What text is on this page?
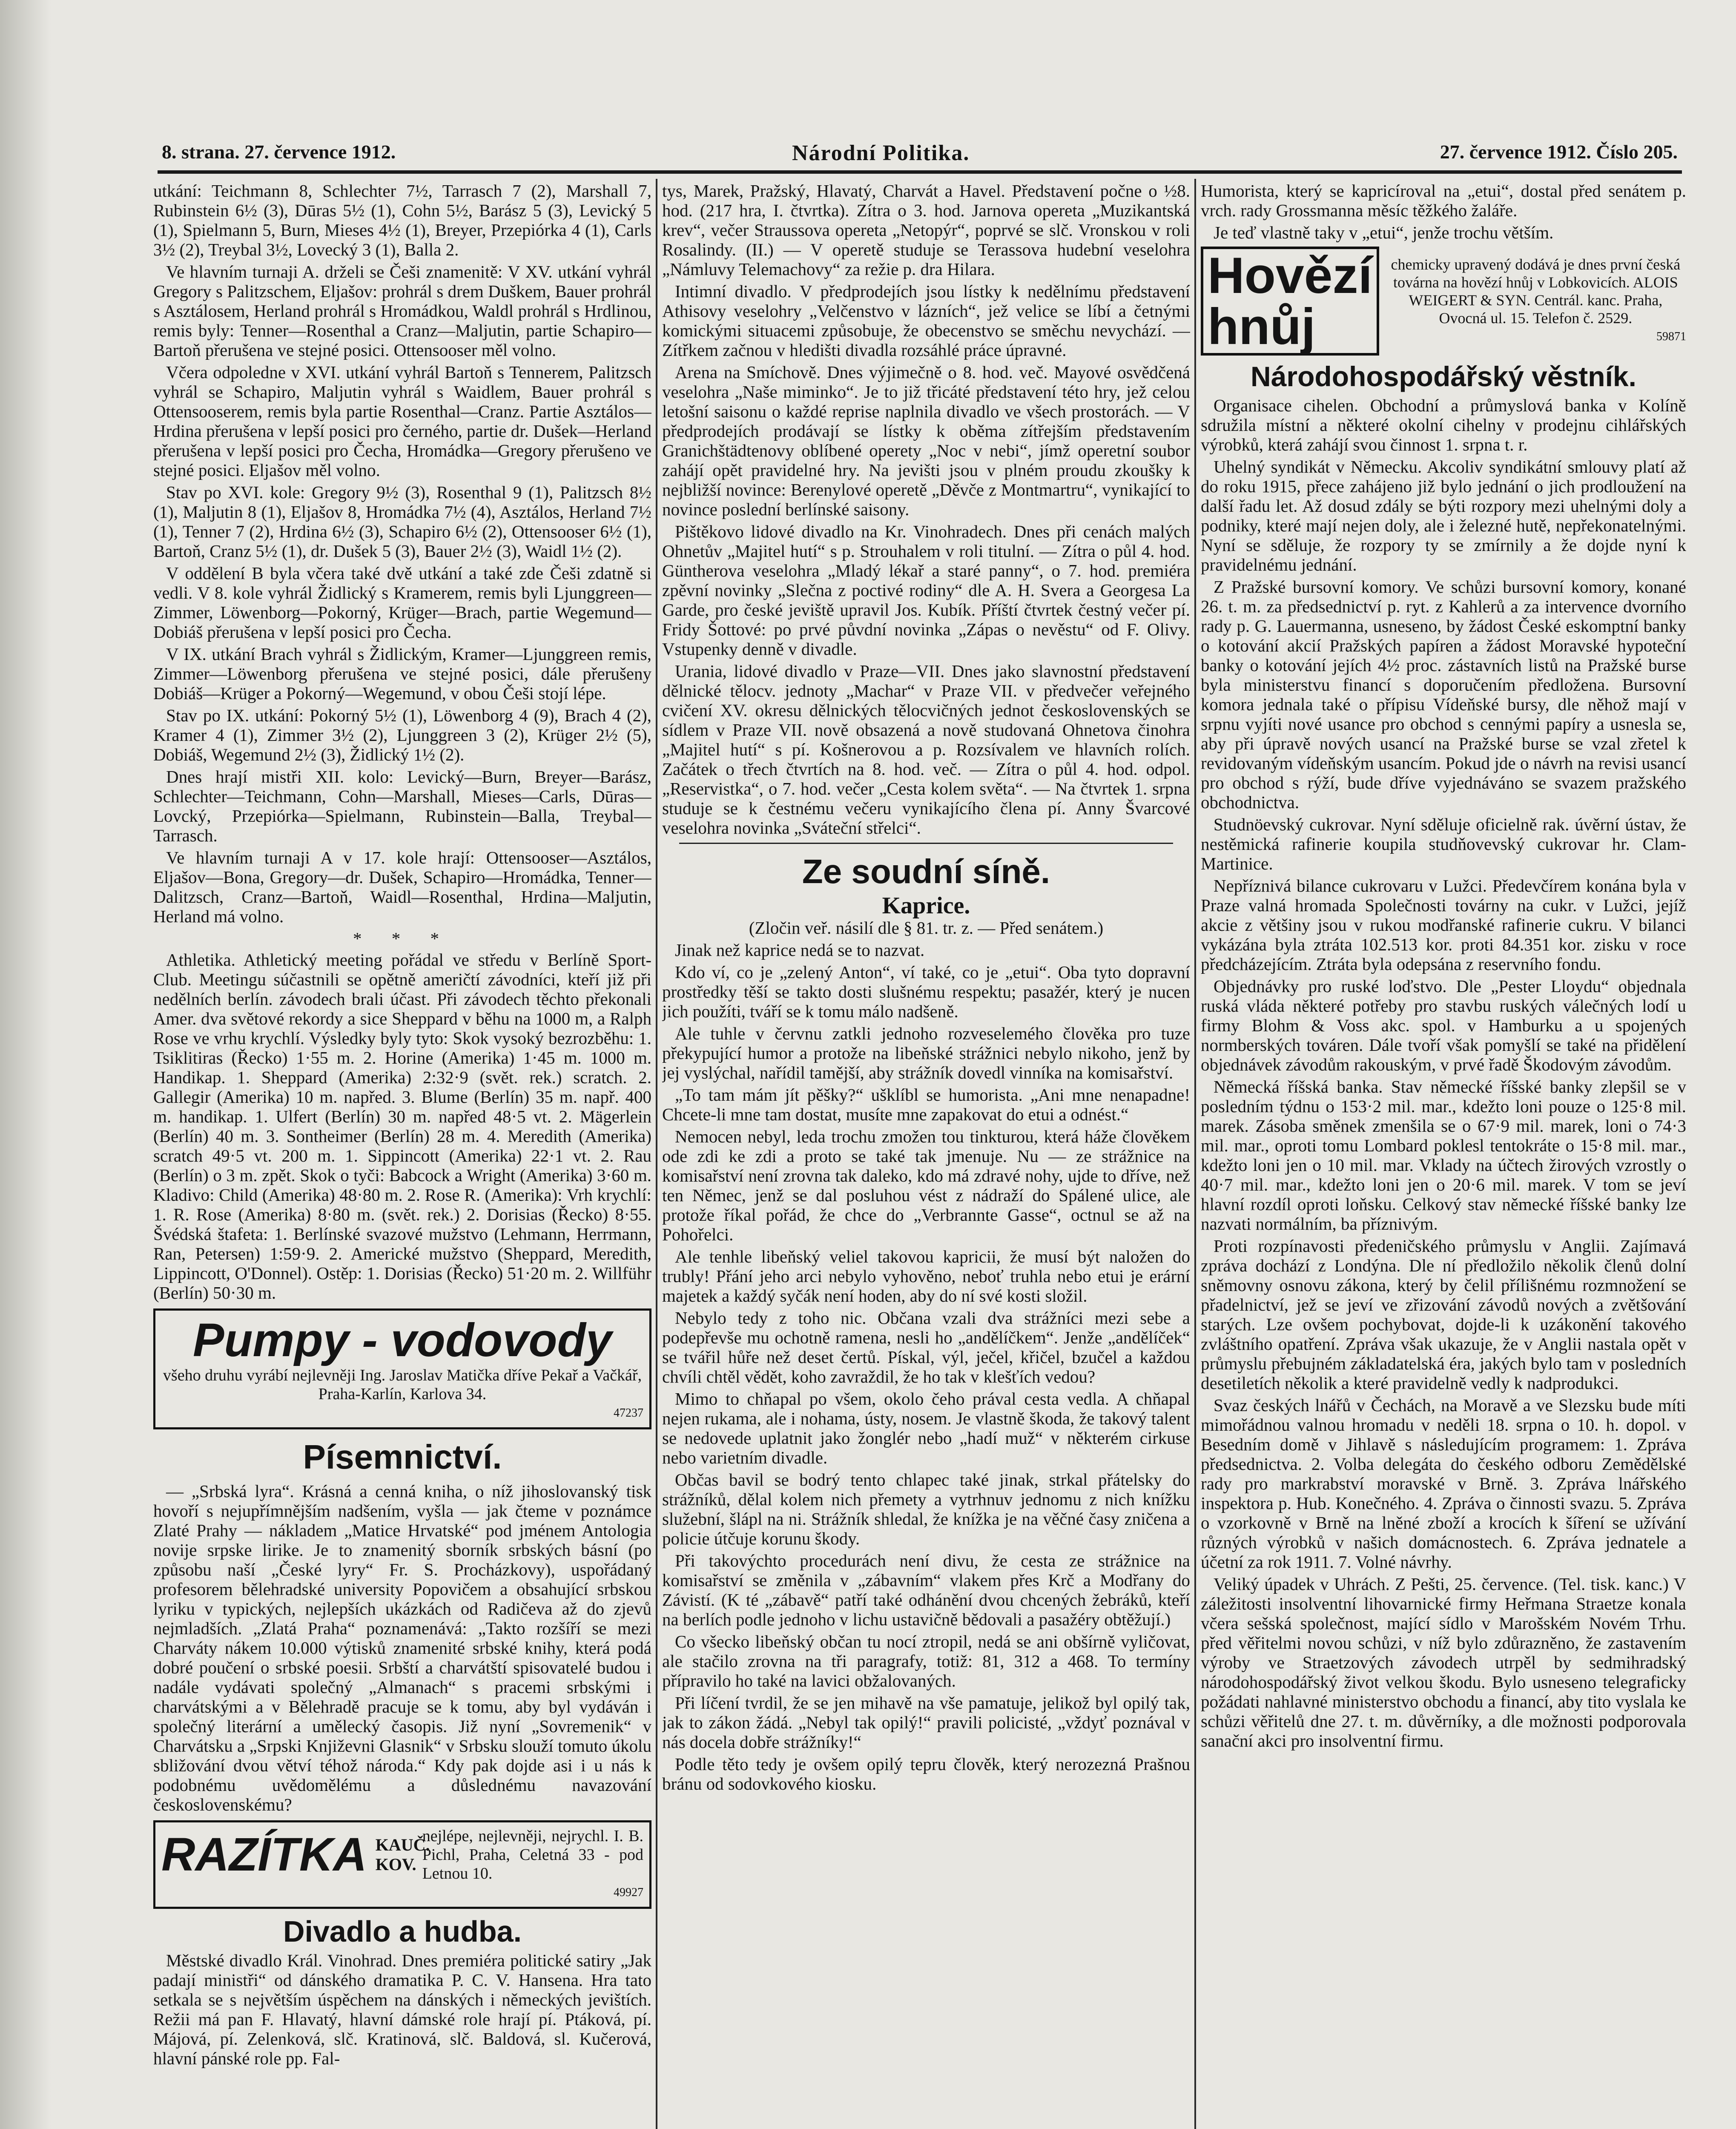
8. strana. 27. července 1912.	Národní Politika.	27. července 1912. Číslo 205.

utkání: Teichmann 8, Schlechter 7½, Tarrasch 7 (2), Marshall 7, Rubinstein 6½ (3), Dūras 5½ (1), Cohn 5½, Barász 5 (3), Levický 5 (1), Spielmann 5, Burn, Mieses 4½ (1), Breyer, Przepiórka 4 (1), Carls 3½ (2), Treybal 3½, Lovecký 3 (1), Balla 2.

Ve hlavním turnaji A. drželi se Češi znamenitě: V XV. utkání vyhrál Gregory s Palitzschem, Eljašov: prohrál s drem Duškem, Bauer prohrál s Asztálosem, Herland prohrál s Hromádkou, Waldl prohrál s Hrdlinou, remis byly: Tenner—Rosenthal a Cranz—Maljutin, partie Schapiro—Bartoň přerušena ve stejné posici. Ottensooser měl volno.

Včera odpoledne v XVI. utkání vyhrál Bartoň s Tennerem, Palitzsch vyhrál se Schapiro, Maljutin vyhrál s Waidlem, Bauer prohrál s Ottensooserem, remis byla partie Rosenthal—Cranz. Partie Asztálos—Hrdina přerušena v lepší posici pro černého, partie dr. Dušek—Herland přerušena v lepší posici pro Čecha, Hromádka—Gregory přerušeno ve stejné posici. Eljašov měl volno.

Stav po XVI. kole: Gregory 9½ (3), Rosenthal 9 (1), Palitzsch 8½ (1), Maljutin 8 (1), Eljašov 8, Hromádka 7½ (4), Asztálos, Herland 7½ (1), Tenner 7 (2), Hrdina 6½ (3), Schapiro 6½ (2), Ottensooser 6½ (1), Bartoň, Cranz 5½ (1), dr. Dušek 5 (3), Bauer 2½ (3), Waidl 1½ (2).

V oddělení B byla včera také dvě utkání a také zde Češi zdatně si vedli. V 8. kole vyhrál Židlický s Kramerem, remis byli Ljunggreen—Zimmer, Löwenborg—Pokorný, Krüger—Brach, partie Wegemund—Dobiáš přerušena v lepší posici pro Čecha.

V IX. utkání Brach vyhrál s Židlickým, Kramer—Ljunggreen remis, Zimmer—Löwenborg přerušena ve stejné posici, dále přerušeny Dobiáš—Krüger a Pokorný—Wegemund, v obou Češi stojí lépe.

Stav po IX. utkání: Pokorný 5½ (1), Löwenborg 4 (9), Brach 4 (2), Kramer 4 (1), Zimmer 3½ (2), Ljunggreen 3 (2), Krüger 2½ (5), Dobiáš, Wegemund 2½ (3), Židlický 1½ (2).

Dnes hrají mistři XII. kolo: Levický—Burn, Breyer—Barász, Schlechter—Teichmann, Cohn—Marshall, Mieses—Carls, Dūras—Lovcký, Przepiórka—Spielmann, Rubinstein—Balla, Treybal—Tarrasch.

Ve hlavním turnaji A v 17. kole hrají: Ottensooser—Asztálos, Eljašov—Bona, Gregory—dr. Dušek, Schapiro—Hromádka, Tenner—Dalitzsch, Cranz—Bartoň, Waidl—Rosenthal, Hrdina—Maljutin, Herland má volno.

* * *

Athletika. Athletický meeting pořádal ve středu v Berlíně Sport-Club. Meetingu súčastnili se opětně američtí závodníci, kteří již při nedělních berlín. závodech brali účast. Při závodech těchto překonali Amer. dva světové rekordy a sice Sheppard v běhu na 1000 m, a Ralph Rose ve vrhu krychlí. Výsledky byly tyto: Skok vysoký bezrozběhu: 1. Tsiklitiras (Řecko) 1·55 m. 2. Horine (Amerika) 1·45 m. 1000 m. Handikap. 1. Sheppard (Amerika) 2:32·9 (svět. rek.) scratch. 2. Gallegir (Amerika) 10 m. napřed. 3. Blume (Berlín) 35 m. např. 400 m. handikap. 1. Ulfert (Berlín) 30 m. napřed 48·5 vt. 2. Mägerlein (Berlín) 40 m. 3. Sontheimer (Berlín) 28 m. 4. Meredith (Amerika) scratch 49·5 vt. 200 m. 1. Sippincott (Amerika) 22·1 vt. 2. Rau (Berlín) o 3 m. zpět. Skok o tyči: Babcock a Wright (Amerika) 3·60 m. Kladivo: Child (Amerika) 48·80 m. 2. Rose R. (Amerika): Vrh krychlí: 1. R. Rose (Amerika) 8·80 m. (svět. rek.) 2. Dorisias (Řecko) 8·55. Švédská štafeta: 1. Berlínské svazové mužstvo (Lehmann, Herrmann, Ran, Petersen) 1:59·9. 2. Americké mužstvo (Sheppard, Meredith, Lippincott, O'Donnel). Ostěp: 1. Dorisias (Řecko) 51·20 m. 2. Willführ (Berlín) 50·30 m.

Pumpy - vodovody
všeho druhu vyrábí nejlevněji Ing. Jaroslav Matička dříve Pekař a Vačkář, Praha-Karlín, Karlova 34.
47237
Písemnictví.

— „Srbská lyra“. Krásná a cenná kniha, o níž jihoslovanský tisk hovoří s nejupřímnějším nadšením, vyšla — jak čteme v poznámce Zlaté Prahy — nákladem „Matice Hrvatské“ pod jménem Antologia novije srpske lirike. Je to znamenitý sborník srbských básní (po způsobu naší „České lyry“ Fr. S. Procházkovy), uspořádaný profesorem bělehradské university Popovičem a obsahující srbskou lyriku v typických, nejlepších ukázkách od Radičeva až do zjevů nejmladších. „Zlatá Praha“ poznamenává: „Takto rozšíří se mezi Charváty nákem 10.000 výtisků znamenité srbské knihy, která podá dobré poučení o srbské poesii. Srbští a charvátští spisovatelé budou i nadále vydávati společný „Almanach“ s pracemi srbskými i charvátskými a v Bělehradě pracuje se k tomu, aby byl vydáván i společný literární a umělecký časopis. Již nyní „Sovremenik“ v Charvátsku a „Srpski Književni Glasnik“ v Srbsku slouží tomuto úkolu sbližování dvou větví téhož národa.“ Kdy pak dojde asi i u nás k podobnému uvědomělému a důslednému navazování československému?

RAZÍTKA KAUČ. KOV.
nejlépe, nejlevněji, nejrychl. I. B. Pichl, Praha, Celetná 33 - pod Letnou 10.
49927
Divadlo a hudba.

Městské divadlo Král. Vinohrad. Dnes premiéra politické satiry „Jak padají ministři“ od dánského dramatika P. C. V. Hansena. Hra tato setkala se s největším úspěchem na dánských i německých jevištích. Režii má pan F. Hlavatý, hlavní dámské role hrají pí. Ptáková, pí. Májová, pí. Zelenková, slč. Kratinová, slč. Baldová, sl. Kučerová, hlavní pánské role pp. Fal-

tys, Marek, Pražský, Hlavatý, Charvát a Havel. Představení počne o ½8. hod. (217 hra, I. čtvrtka). Zítra o 3. hod. Jarnova opereta „Muzikantská krev“, večer Straussova opereta „Netopýr“, poprvé se slč. Vronskou v roli Rosalindy. (II.) — V operetě studuje se Terassova hudební veselohra „Námluvy Telemachovy“ za režie p. dra Hilara.

Intimní divadlo. V předprodejích jsou lístky k nedělnímu představení Athisovy veselohry „Velčenstvo v lázních“, jež velice se líbí a četnými komickými situacemi způsobuje, že obecenstvo se směchu nevychází. — Zítřkem začnou v hledišti divadla rozsáhlé práce úpravné.

Arena na Smíchově. Dnes výjimečně o 8. hod. več. Mayové osvědčená veselohra „Naše miminko“. Je to již třicáté představení této hry, jež celou letošní saisonu o každé reprise naplnila divadlo ve všech prostorách. — V předprodejích prodávají se lístky k oběma zítřejším představením Granichštädtenovy oblíbené operety „Noc v nebi“, jímž operetní soubor zahájí opět pravidelné hry. Na jevišti jsou v plném proudu zkoušky k nejbližší novince: Berenylové operetě „Děvče z Montmartru“, vynikající to novince poslední berlínské saisony.

Pištěkovo lidové divadlo na Kr. Vinohradech. Dnes při cenách malých Ohnetův „Majitel hutí“ s p. Strouhalem v roli titulní. — Zítra o půl 4. hod. Güntherova veselohra „Mladý lékař a staré panny“, o 7. hod. premiéra zpěvní novinky „Slečna z poctivé rodiny“ dle A. H. Svera a Georgesa La Garde, pro české jeviště upravil Jos. Kubík. Příští čtvrtek čestný večer pí. Fridy Šottové: po prvé půvdní novinka „Zápas o nevěstu“ od F. Olivy. Vstupenky denně v divadle.

Urania, lidové divadlo v Praze—VII. Dnes jako slavnostní představení dělnické tělocv. jednoty „Machar“ v Praze VII. v předvečer veřejného cvičení XV. okresu dělnických tělocvičných jednot československých se sídlem v Praze VII. nově obsazená a nově studovaná Ohnetova činohra „Majitel hutí“ s pí. Košnerovou a p. Rozsívalem ve hlavních rolích. Začátek o třech čtvrtích na 8. hod. več. — Zítra o půl 4. hod. odpol. „Reservistka“, o 7. hod. večer „Cesta kolem světa“. — Na čtvrtek 1. srpna studuje se k čestnému večeru vynikajícího člena pí. Anny Švarcové veselohra novinka „Sváteční střelci“.

Ze soudní síně.
Kaprice.

(Zločin veř. násilí dle § 81. tr. z. — Před senátem.)

Jinak než kaprice nedá se to nazvat.

Kdo ví, co je „zelený Anton“, ví také, co je „etui“. Oba tyto dopravní prostředky těší se takto dosti slušnému respektu; pasažér, který je nucen jich použíti, tváří se k tomu málo nadšeně.

Ale tuhle v červnu zatkli jednoho rozveselemého člověka pro tuze překypující humor a protože na libeňské strážnici nebylo nikoho, jenž by jej vyslýchal, nařídil tamější, aby strážník dovedl vinníka na komisařství.

„To tam mám jít pěšky?“ ušklíbl se humorista. „Ani mne nenapadne! Chcete-li mne tam dostat, musíte mne zapakovat do etui a odnést.“

Nemocen nebyl, leda trochu zmožen tou tinkturou, která háže člověkem ode zdi ke zdi a proto se také tak jmenuje. Nu — ze strážnice na komisařství není zrovna tak daleko, kdo má zdravé nohy, ujde to dříve, než ten Němec, jenž se dal posluhou vést z nádraží do Spálené ulice, ale protože říkal pořád, že chce do „Verbrannte Gasse“, octnul se až na Pohořelci.

Ale tenhle libeňský veliel takovou kapricii, že musí být naložen do trubly! Přání jeho arci nebylo vyhověno, neboť truhla nebo etui je erární majetek a každý syčák není hoden, aby do ní své kosti složil.

Nebylo tedy z toho nic. Občana vzali dva strážníci mezi sebe a podepřevše mu ochotně ramena, nesli ho „andělíčkem“. Jenže „andělíček“ se tvářil hůře než deset čertů. Pískal, výl, ječel, křičel, bzučel a každou chvíli chtěl vědět, koho zavraždil, že ho tak v klešťích vedou?

Mimo to chňapal po všem, okolo čeho prával cesta vedla. A chňapal nejen rukama, ale i nohama, ústy, nosem. Je vlastně škoda, že takový talent se nedovede uplatnit jako žonglér nebo „hadí muž“ v některém cirkuse nebo varietním divadle.

Občas bavil se bodrý tento chlapec také jinak, strkal přátelsky do strážníků, dělal kolem nich přemety a vytrhnuv jednomu z nich knížku služební, šlápl na ni. Strážník shledal, že knížka je na věčné časy zničena a policie útčuje korunu škody.

Při takovýchto procedurách není divu, že cesta ze strážnice na komisařství se změnila v „zábavním“ vlakem přes Krč a Modřany do Závistí. (K té „zábavě“ patří také odhánění dvou chcených žebráků, kteří na berlích podle jednoho v lichu ustavičně bědovali a pasažéry obtěžují.)

Co všecko libeňský občan tu nocí ztropil, nedá se ani obšírně vyličovat, ale stačilo zrovna na tři paragrafy, totiž: 81, 312 a 468. To termíny přípravilo ho také na lavici obžalovaných.

Při líčení tvrdil, že se jen mihavě na vše pamatuje, jelikož byl opilý tak, jak to zákon žádá. „Nebyl tak opilý!“ pravili policisté, „vždyť poznával v nás docela dobře strážníky!“

Podle těto tedy je ovšem opilý tepru člověk, který nerozezná Prašnou bránu od sodovkového kiosku.

Humorista, který se kapricíroval na „etui“, dostal před senátem p. vrch. rady Grossmanna měsíc těžkého žaláře.

Je teď vlastně taky v „etui“, jenže trochu větším.

Hovězí hnůj
chemicky upravený dodává je dnes první česká továrna na hovězí hnůj v Lobkovicích. ALOIS WEIGERT & SYN. Centrál. kanc. Praha, Ovocná ul. 15. Telefon č. 2529.
59871
Národohospodářský věstník.

Organisace cihelen. Obchodní a průmyslová banka v Kolíně sdružila místní a některé okolní cihelny v prodejnu cihlářských výrobků, která zahájí svou činnost 1. srpna t. r.

Uhelný syndikát v Německu. Akcoliv syndikátní smlouvy platí až do roku 1915, přece zahájeno již bylo jednání o jich prodloužení na další řadu let. Až dosud zdály se býti rozpory mezi uhelnými doly a podniky, které mají nejen doly, ale i železné hutě, nepřekonatelnými. Nyní se sděluje, že rozpory ty se zmírnily a že dojde nyní k pravidelnému jednání.

Z Pražské bursovní komory. Ve schůzi bursovní komory, konané 26. t. m. za předsednictví p. ryt. z Kahlerů a za intervence dvorního rady p. G. Lauermanna, usneseno, by žádost České eskomptní banky o kotování akcií Pražských papíren a žádost Moravské hypoteční banky o kotování jejích 4½ proc. zástavních listů na Pražské burse byla ministerstvu financí s doporučením předložena. Bursovní komora jednala také o přípisu Vídeňské bursy, dle něhož mají v srpnu vyjíti nové usance pro obchod s cennými papíry a usnesla se, aby při úpravě nových usancí na Pražské burse se vzal zřetel k revidovaným vídeňským usancím. Pokud jde o návrh na revisi usancí pro obchod s rýží, bude dříve vyjednáváno se svazem pražského obchodnictva.

Studnöevský cukrovar. Nyní sděluje oficielně rak. úvěrní ústav, že nestěmická rafinerie koupila studňovevský cukrovar hr. Clam-Martinice.

Nepříznivá bilance cukrovaru v Lužci. Předevčírem konána byla v Praze valná hromada Společnosti továrny na cukr. v Lužci, jejíž akcie z většiny jsou v rukou modřanské rafinerie cukru. V bilanci vykázána byla ztráta 102.513 kor. proti 84.351 kor. zisku v roce předcházejícím. Ztráta byla odepsána z reservního fondu.

Objednávky pro ruské loďstvo. Dle „Pester Lloydu“ objednala ruská vláda některé potřeby pro stavbu ruských válečných lodí u firmy Blohm & Voss akc. spol. v Hamburku a u spojených normberských továren. Dále tvoří však pomyšlí se také na přidělení objednávek závodům rakouským, v prvé řadě Škodovým závodům.

Německá říšská banka. Stav německé říšské banky zlepšil se v posledním týdnu o 153·2 mil. mar., kdežto loni pouze o 125·8 mil. marek. Zásoba směnek zmenšila se o 67·9 mil. marek, loni o 74·3 mil. mar., oproti tomu Lombard poklesl tentokráte o 15·8 mil. mar., kdežto loni jen o 10 mil. mar. Vklady na účtech žirových vzrostly o 40·7 mil. mar., kdežto loni jen o 20·6 mil. marek. V tom se jeví hlavní rozdíl oproti loňsku. Celkový stav německé říšské banky lze nazvati normálním, ba příznivým.

Proti rozpínavosti předeničského průmyslu v Anglii. Zajímavá zpráva dochází z Londýna. Dle ní předložilo několik členů dolní sněmovny osnovu zákona, který by čelil přílišnému rozmnožení se přadelnictví, jež se jeví ve zřizování závodů nových a zvětšování starých. Lze ovšem pochybovat, dojde-li k uzákonění takového zvláštního opatření. Zpráva však ukazuje, že v Anglii nastala opět v průmyslu přebujném základatelská éra, jakých bylo tam v posledních desetiletích několik a které pravidelně vedly k nadprodukci.

Svaz českých lnářů v Čechách, na Moravě a ve Slezsku bude míti mimořádnou valnou hromadu v neděli 18. srpna o 10. h. dopol. v Besedním domě v Jihlavě s následujícím programem: 1. Zpráva předsednictva. 2. Volba delegáta do českého odboru Zemědělské rady pro markrabství moravské v Brně. 3. Zpráva lnářského inspektora p. Hub. Konečného. 4. Zpráva o činnosti svazu. 5. Zpráva o vzorkovně v Brně na lněné zboží a krocích k šíření se užívání různých výrobků v našich domácnostech. 6. Zpráva jednatele a účetní za rok 1911. 7. Volné návrhy.

Veliký úpadek v Uhrách. Z Pešti, 25. července. (Tel. tisk. kanc.) V záležitosti insolventní lihovarnické firmy Heřmana Straetze konala včera sešská společnost, mající sídlo v Marošském Novém Trhu. před věřitelmi novou schůzi, v níž bylo zdůrazněno, že zastavením výroby ve Straetzových závodech utrpěl by sedmihradský národohospodářský život velkou škodu. Bylo usneseno telegraficky požádati nahlavné ministerstvo obchodu a financí, aby tito vyslala ke schůzi věřitelů dne 27. t. m. důvěrníky, a dle možnosti podporovala sanační akci pro insolventní firmu.
